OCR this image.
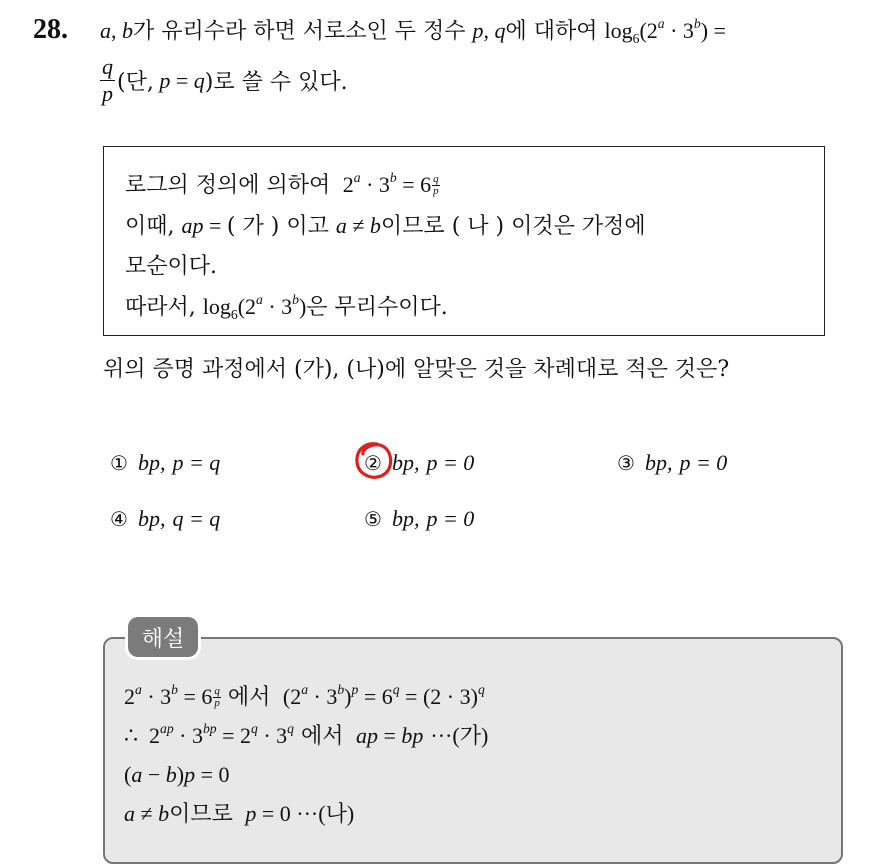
28. a, b가 유리수라 하면 서로소인 두 정수 p, q에 대하여 $\log_6(2^a \cdot 3^b)$ =
$\frac{q}{p}$ (단, p = q )로 쓸 수 있다.
로그의 정의에 의하여  $2^a \cdot 3^b = 6 \frac{q}{p}$
이때, ap = ( 가 ) 이고 a ≠ b이므로 ( 나 ) 이것은 가정에
모순이다.
따라서, $\log_6(2^a \cdot 3^b)$은 무리수이다.
위의 증명 과정에서 (가), (나)에 알맞은 것을 차례대로 적은 것은?
① bp, p = q	② bp, p = 0	③ bp, p = 0
④ bp, q = q	⑤ bp, p = 0
해설
$2^a \cdot 3^b = 6 \frac{q}{p}$ 에서  $(2^a \cdot 3^b)^p = 6^q = (2 \cdot 3)^q$
∴  $2^{ap} \cdot 3^{bp} = 2^q \cdot 3^q$ 에서  ap = bp ···(가)
(a − b)p = 0
a ≠ b이므로  p = 0 ···(나)
